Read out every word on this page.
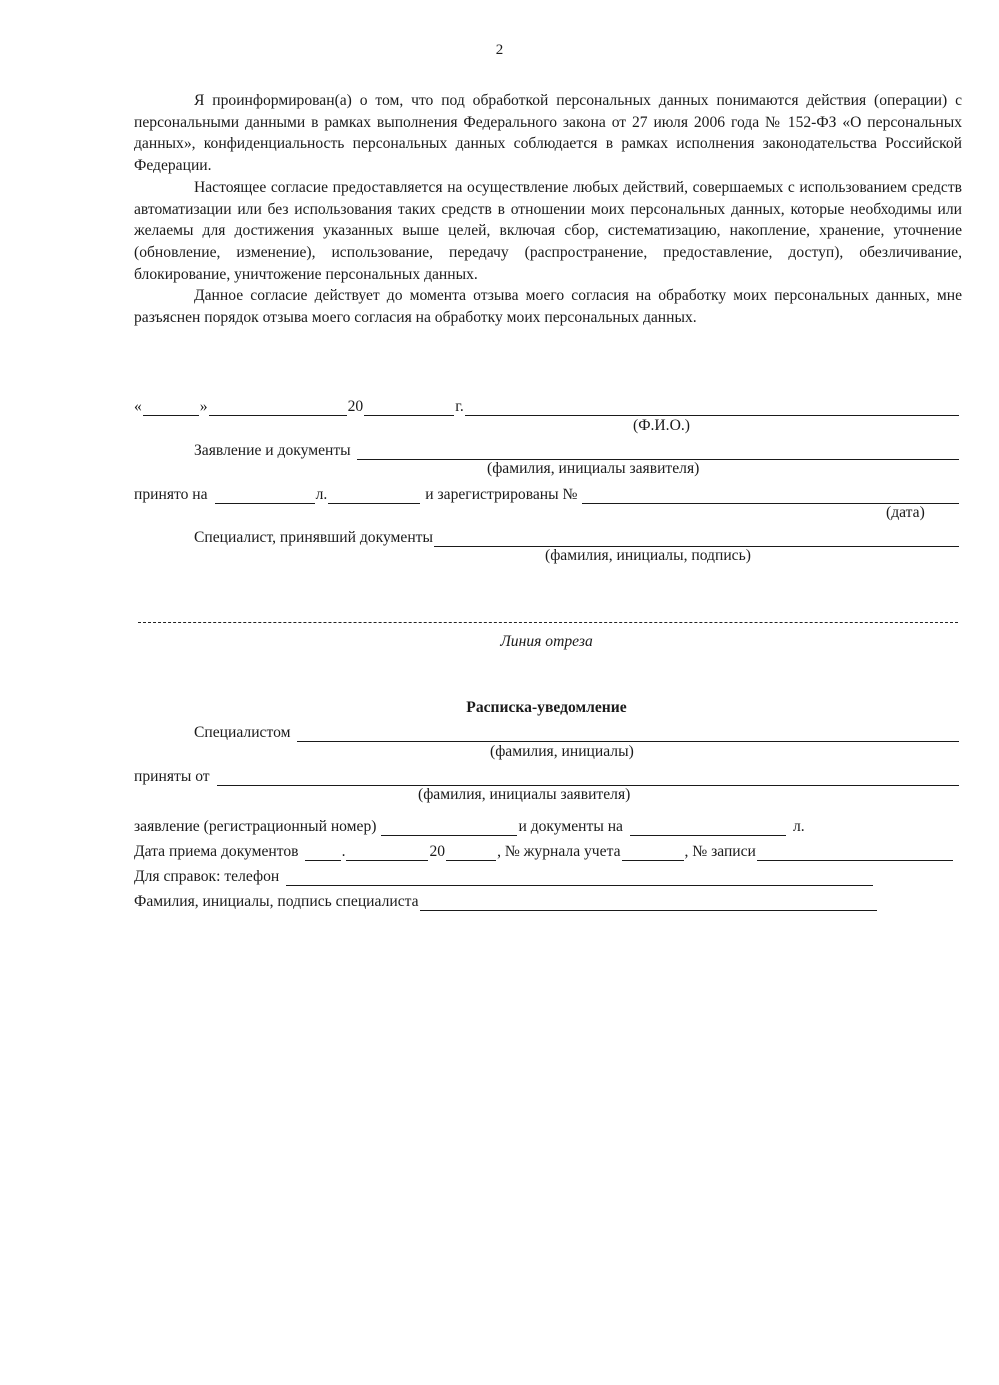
2

Я проинформирован(а) о том, что под обработкой персональных данных понимаются действия (операции) с персональными данными в рамках выполнения Федерального закона от 27 июля 2006 года № 152-ФЗ «О персональных данных», конфиденциальность персональных данных соблюдается в рамках исполнения законодательства Российской Федерации.

Настоящее согласие предоставляется на осуществление любых действий, совершаемых с использованием средств автоматизации или без использования таких средств в отношении моих персональных данных, которые необходимы или желаемы для достижения указанных выше целей, включая сбор, систематизацию, накопление, хранение, уточнение (обновление, изменение), использование, передачу (распространение, предоставление, доступ), обезличивание, блокирование, уничтожение персональных данных.

Данное согласие действует до момента отзыва моего согласия на обработку моих персональных данных, мне разъяснен порядок отзыва моего согласия на обработку моих персональных данных.

«	»	20	г.
(Ф.И.О.)
Заявление и документы
(фамилия, инициалы заявителя)
принято на	л.	и зарегистрированы №
(дата)
Специалист, принявший документы
(фамилия, инициалы, подпись)
Линия отреза
Расписка-уведомление
Специалистом
(фамилия, инициалы)
приняты от
(фамилия, инициалы заявителя)
заявление (регистрационный номер)	и документы на	л.
Дата приема документов	.	20	, № журнала учета	, № записи
Для справок: телефон
Фамилия, инициалы, подпись специалиста
